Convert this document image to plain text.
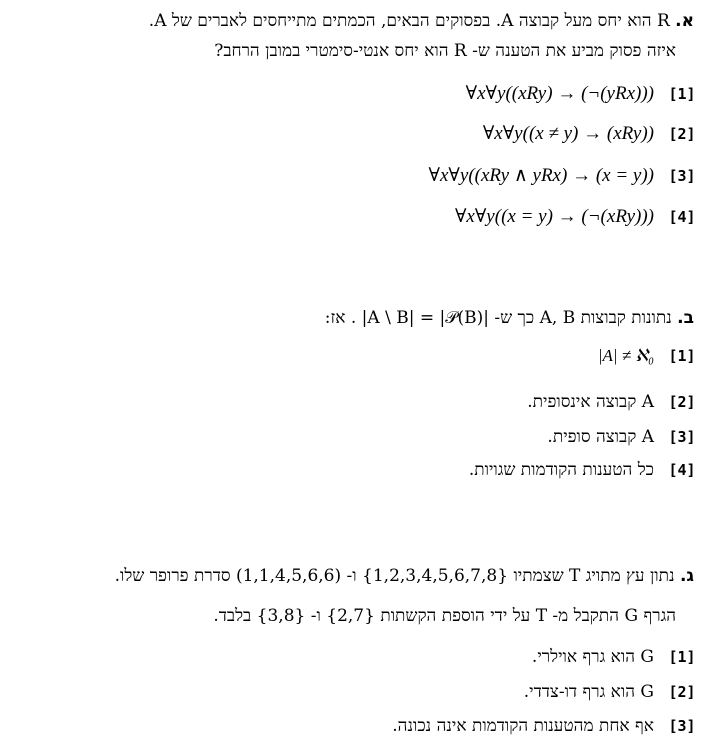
א. R הוא יחס מעל קבוצה A. בפסוקים הבאים, הכמתים מתייחסים לאברים של A.
איזה פסוק מביע את הטענה ש- R הוא יחס אנטי-סימטרי במובן הרחב?
[1]∀x∀y((xRy) → (¬(yRx)))
[2]∀x∀y((x ≠ y) → (xRy))
[3]∀x∀y((xRy ∧ yRx) → (x = y))
[4]∀x∀y((x = y) → (¬(xRy)))
ב. נתונות קבוצות A, B כך ש- |A \ B| = |𝒫(B)| . אז:
[1]|A| ≠ ℵ₀
[2]A קבוצה אינסופית.
[3]A קבוצה סופית.
[4]כל הטענות הקודמות שגויות.
ג. נתון עץ מתויג T שצמתיו {1,2,3,4,5,6,7,8} ו- (1,1,4,5,6,6) סדרת פרופר שלו.
הגרף G התקבל מ- T על ידי הוספת הקשתות {2,7} ו- {3,8} בלבד.
[1]G הוא גרף אוילרי.
[2]G הוא גרף דו-צדדי.
[3]אף אחת מהטענות הקודמות אינה נכונה.
